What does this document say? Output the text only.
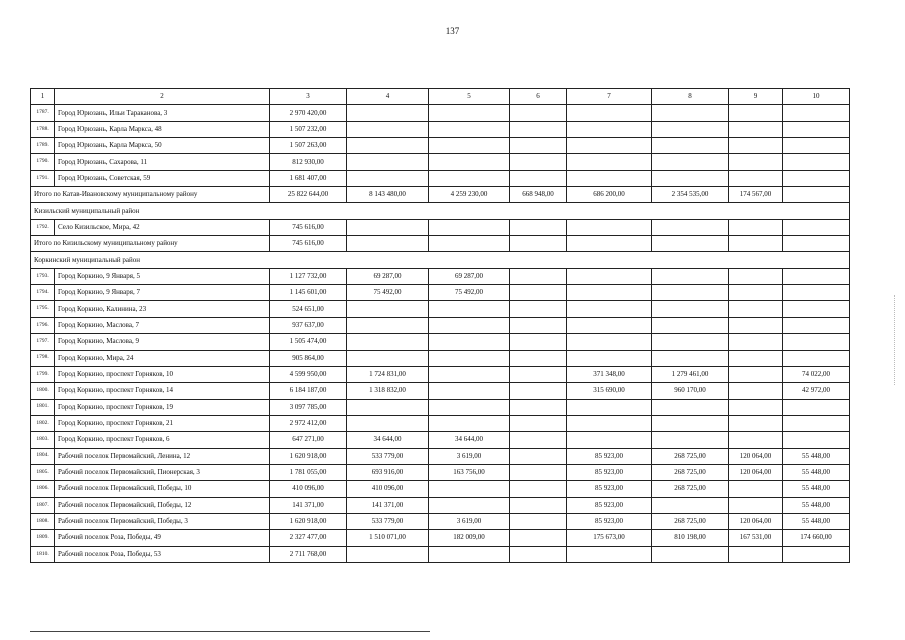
137
1	2	3	4	5	6	7	8	9	10
1787.	Город Юрюзань, Ильи Тараканова, 3	2 970 420,00							
1788.	Город Юрюзань, Карла Маркса, 48	1 507 232,00							
1789.	Город Юрюзань, Карла Маркса, 50	1 507 263,00							
1790.	Город Юрюзань, Сахарова, 11	812 930,00							
1791.	Город Юрюзань, Советская, 59	1 681 407,00							
Итого по Катав-Ивановскому муниципальному району		25 822 644,00	8 143 480,00	4 259 230,00	668 948,00	686 200,00	2 354 535,00	174 567,00	
Кизильский муниципальный район									
1792.	Село Кизильское, Мира, 42	745 616,00							
Итого по Кизильскому муниципальному району		745 616,00							
Коркинский муниципальный район									
1793.	Город Коркино, 9 Января, 5	1 127 732,00	69 287,00	69 287,00					
1794.	Город Коркино, 9 Января, 7	1 145 601,00	75 492,00	75 492,00					
1795.	Город Коркино, Калинина, 23	524 651,00							
1796.	Город Коркино, Маслова, 7	937 637,00							
1797.	Город Коркино, Маслова, 9	1 505 474,00							
1798.	Город Коркино, Мира, 24	905 864,00							
1799.	Город Коркино, проспект Горняков, 10	4 599 950,00	1 724 831,00			371 348,00	1 279 461,00		74 022,00
1800.	Город Коркино, проспект Горняков, 14	6 184 187,00	1 318 832,00			315 690,00	960 170,00		42 972,00
1801.	Город Коркино, проспект Горняков, 19	3 097 785,00							
1802.	Город Коркино, проспект Горняков, 21	2 972 412,00							
1803.	Город Коркино, проспект Горняков, 6	647 271,00	34 644,00	34 644,00					
1804.	Рабочий поселок Первомайский, Ленина, 12	1 620 918,00	533 779,00	3 619,00		85 923,00	268 725,00	120 064,00	55 448,00
1805.	Рабочий поселок Первомайский, Пионерская, 3	1 781 055,00	693 916,00	163 756,00		85 923,00	268 725,00	120 064,00	55 448,00
1806.	Рабочий поселок Первомайский, Победы, 10	410 096,00	410 096,00			85 923,00	268 725,00		55 448,00
1807.	Рабочий поселок Первомайский, Победы, 12	141 371,00	141 371,00			85 923,00			55 448,00
1808.	Рабочий поселок Первомайский, Победы, 3	1 620 918,00	533 779,00	3 619,00		85 923,00	268 725,00	120 064,00	55 448,00
1809.	Рабочий поселок Роза, Победы, 49	2 327 477,00	1 510 071,00	182 009,00		175 673,00	810 198,00	167 531,00	174 660,00
1810.	Рабочий поселок Роза, Победы, 53	2 711 768,00							
